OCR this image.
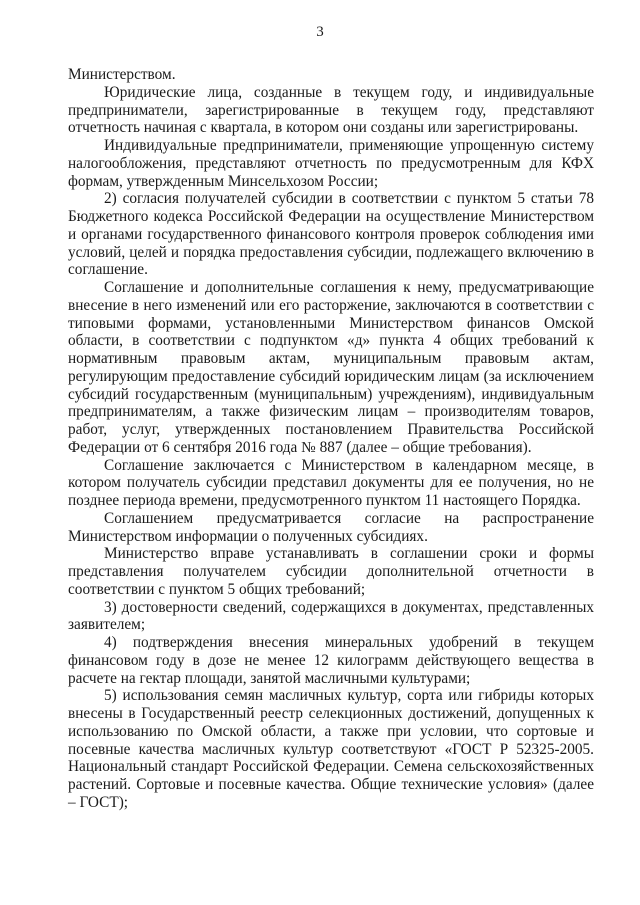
3

Министерством.

Юридические лица, созданные в текущем году, и индивидуальные предприниматели, зарегистрированные в текущем году, представляют отчетность начиная с квартала, в котором они созданы или зарегистрированы.

Индивидуальные предприниматели, применяющие упрощенную систему налогообложения, представляют отчетность по предусмотренным для КФХ формам, утвержденным Минсельхозом России;

2) согласия получателей субсидии в соответствии с пунктом 5 статьи 78 Бюджетного кодекса Российской Федерации на осуществление Министерством и органами государственного финансового контроля проверок соблюдения ими условий, целей и порядка предоставления субсидии, подлежащего включению в соглашение.

Соглашение и дополнительные соглашения к нему, предусматривающие внесение в него изменений или его расторжение, заключаются в соответствии с типовыми формами, установленными Министерством финансов Омской области, в соответствии с подпунктом «д» пункта 4 общих требований к нормативным правовым актам, муниципальным правовым актам, регулирующим предоставление субсидий юридическим лицам (за исключением субсидий государственным (муниципальным) учреждениям), индивидуальным предпринимателям, а также физическим лицам – производителям товаров, работ, услуг, утвержденных постановлением Правительства Российской Федерации от 6 сентября 2016 года № 887 (далее – общие требования).

Соглашение заключается с Министерством в календарном месяце, в котором получатель субсидии представил документы для ее получения, но не позднее периода времени, предусмотренного пунктом 11 настоящего Порядка.

Соглашением предусматривается согласие на распространение Министерством информации о полученных субсидиях.

Министерство вправе устанавливать в соглашении сроки и формы представления получателем субсидии дополнительной отчетности в соответствии с пунктом 5 общих требований;

3) достоверности сведений, содержащихся в документах, представленных заявителем;

4) подтверждения внесения минеральных удобрений в текущем финансовом году в дозе не менее 12 килограмм действующего вещества в расчете на гектар площади, занятой масличными культурами;

5) использования семян масличных культур, сорта или гибриды которых внесены в Государственный реестр селекционных достижений, допущенных к использованию по Омской области, а также при условии, что сортовые и посевные качества масличных культур соответствуют «ГОСТ Р 52325-2005. Национальный стандарт Российской Федерации. Семена сельскохозяйственных растений. Сортовые и посевные качества. Общие технические условия» (далее – ГОСТ);
